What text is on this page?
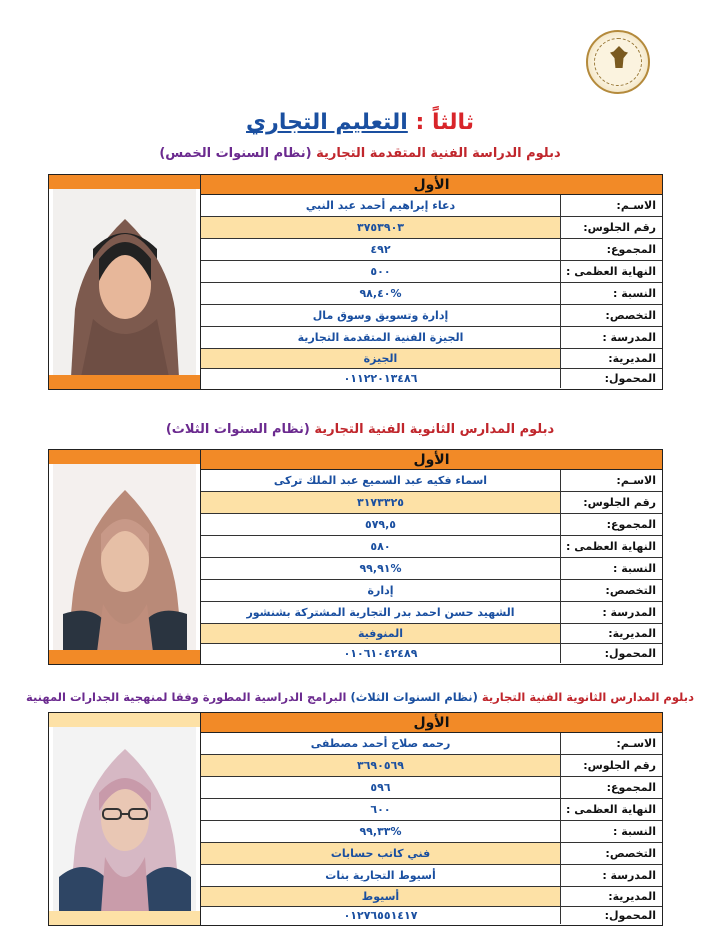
ثالثاً : التعليم التجاري
دبلوم الدراسة الفنية المتقدمة التجارية (نظام السنوات الخمس)
الأول
دعاء إبراهيم أحمد عبد النبي	الاسـم:
٣٧٥٣٩٠٣	رقم الجلوس:
٤٩٢	المجموع:
٥٠٠	النهاية العظمى :
%٩٨,٤٠	النسبة :
إدارة وتسويق وسوق مال	التخصص:
الجيزة الفنية المتقدمة التجارية	المدرسة :
الجيزة	المديرية:
٠١١٢٢٠١٣٤٨٦	المحمول:
دبلوم المدارس الثانوية الفنية التجارية (نظام السنوات الثلاث)
الأول
اسماء فكيه عبد السميع عبد الملك تركى	الاسـم:
٣١٧٣٣٢٥	رقم الجلوس:
٥٧٩,٥	المجموع:
٥٨٠	النهاية العظمى :
%٩٩,٩١	النسبة :
إدارة	التخصص:
الشهيد حسن احمد بدر التجارية المشتركة بشنشور	المدرسة :
المنوفية	المديرية:
٠١٠٦١٠٤٢٤٨٩	المحمول:
دبلوم المدارس الثانوية الفنية التجارية (نظام السنوات الثلاث) البرامج الدراسية المطورة وفقا لمنهجية الجدارات المهنية
الأول
رحمه صلاح أحمد مصطفى	الاسـم:
٣٦٩٠٥٦٩	رقم الجلوس:
٥٩٦	المجموع:
٦٠٠	النهاية العظمى :
%٩٩,٣٣	النسبة :
فني كاتب حسابات	التخصص:
أسيوط التجارية بنات	المدرسة :
أسيوط	المديرية:
٠١٢٧٦٥٥١٤١٧	المحمول:
